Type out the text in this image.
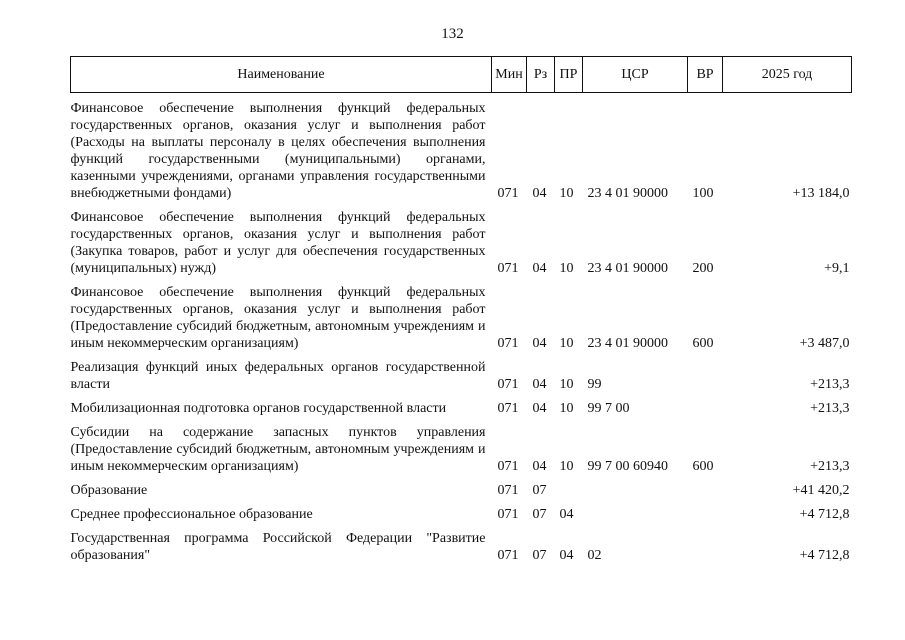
132
Наименование	Мин	Рз	ПР	ЦСР	ВР	2025 год
Финансовое обеспечение выполнения функций федеральных государственных органов, оказания услуг и выполнения работ (Расходы на выплаты персоналу в целях обеспечения выполнения функций государственными (муниципальными) органами, казенными учреждениями, органами управления государственными внебюджетными фондами)	071	04	10	23 4 01 90000	100	+13 184,0
Финансовое обеспечение выполнения функций федеральных государственных органов, оказания услуг и выполнения работ (Закупка товаров, работ и услуг для обеспечения государственных (муниципальных) нужд)	071	04	10	23 4 01 90000	200	+9,1
Финансовое обеспечение выполнения функций федеральных государственных органов, оказания услуг и выполнения работ (Предоставление субсидий бюджетным, автономным учреждениям и иным некоммерческим организациям)	071	04	10	23 4 01 90000	600	+3 487,0
Реализация функций иных федеральных органов государственной власти	071	04	10	99		+213,3
Мобилизационная подготовка органов государственной власти	071	04	10	99 7 00		+213,3
Субсидии на содержание запасных пунктов управления (Предоставление субсидий бюджетным, автономным учреждениям и иным некоммерческим организациям)	071	04	10	99 7 00 60940	600	+213,3
Образование	071	07				+41 420,2
Среднее профессиональное образование	071	07	04			+4 712,8
Государственная программа Российской Федерации "Развитие образования"	071	07	04	02		+4 712,8
